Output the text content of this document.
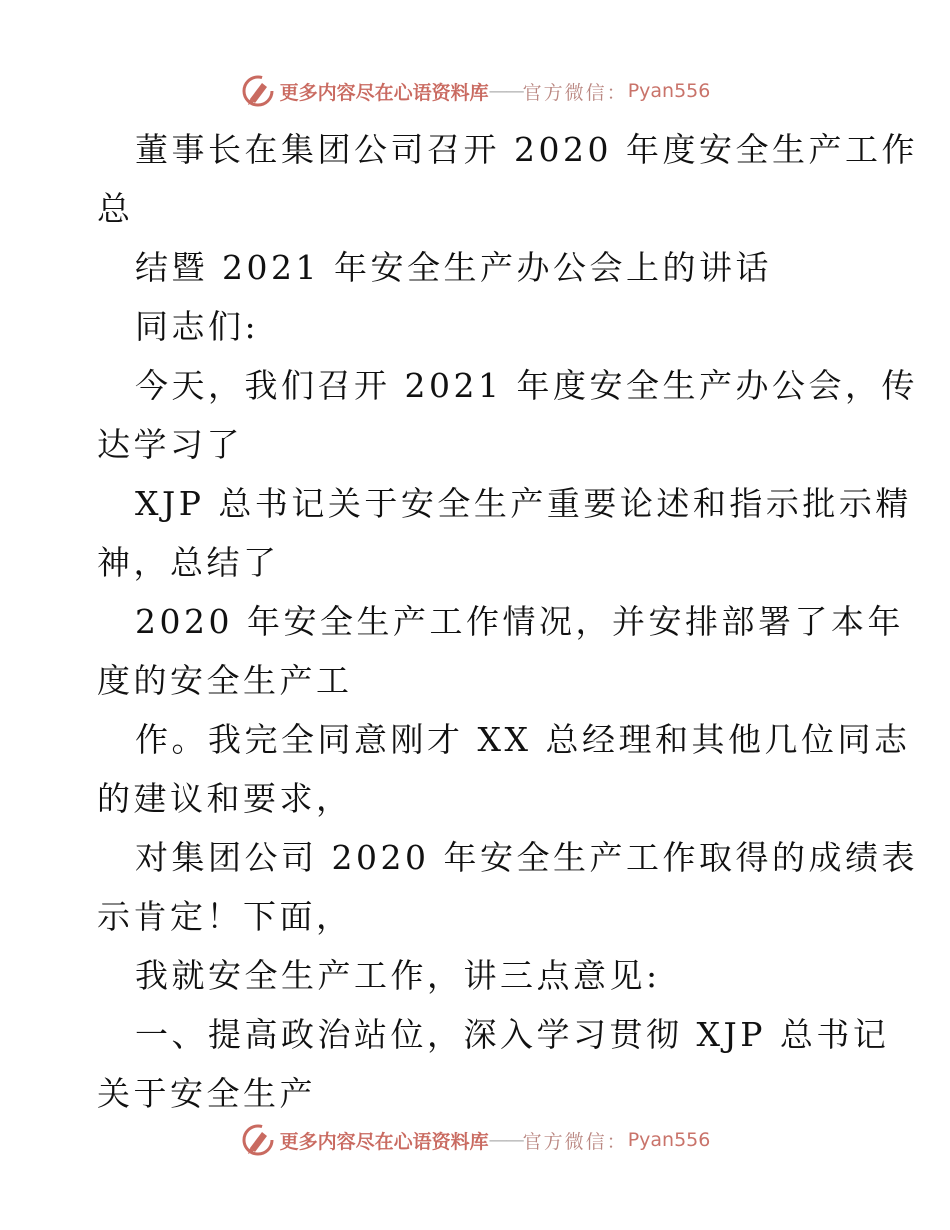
更多内容尽在心语资料库 —— 官方微信： Pyan556
董事长在集团公司召开 2020 年度安全生产工作
总
结暨 2021 年安全生产办公会上的讲话
同志们:
今天，我们召开 2021 年度安全生产办公会，传
达学习了
XJP 总书记关于安全生产重要论述和指示批示精
神，总结了
2020 年安全生产工作情况，并安排部署了本年
度的安全生产工
作。我完全同意刚才 XX 总经理和其他几位同志
的建议和要求，
对集团公司 2020 年安全生产工作取得的成绩表
示肯定！下面，
我就安全生产工作，讲三点意见:
一、提高政治站位，深入学习贯彻 XJP 总书记
关于安全生产
更多内容尽在心语资料库 —— 官方微信： Pyan556
